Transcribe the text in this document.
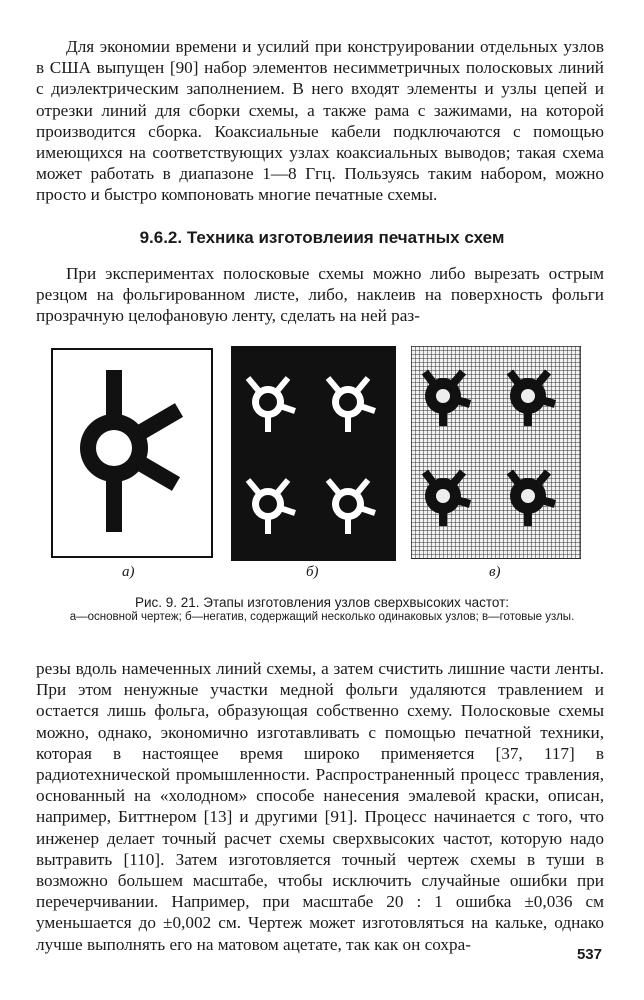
Для экономии времени и усилий при конструировании отдельных узлов в США выпущен [90] набор элементов несимметричных полосковых линий с диэлектрическим заполнением. В него входят элементы и узлы цепей и отрезки линий для сборки схемы, а также рама с зажимами, на которой производится сборка. Коаксиальные кабели подключаются с помощью имеющихся на соответствующих узлах коаксиальных выводов; такая схема может работать в диапазоне 1—8 Ггц. Пользуясь таким набором, можно просто и быстро компоновать многие печатные схемы.

9.6.2. Техника изготовлеиия печатных схем

При экспериментах полосковые схемы можно либо вырезать острым резцом на фольгированном листе, либо, наклеив на поверхность фольги прозрачную целофановую ленту, сделать на ней раз-

а)	б)	в)
Рис. 9. 21. Этапы изготовления узлов сверхвысоких частот:
а—основной чертеж; б—негатив, содержащий несколько одинаковых узлов; в—готовые узлы.

резы вдоль намеченных линий схемы, а затем счистить лишние части ленты. При этом ненужные участки медной фольги удаляются травлением и остается лишь фольга, образующая собственно схему. Полосковые схемы можно, однако, экономично изготавливать с помощью печатной техники, которая в настоящее время широко применяется [37, 117] в радиотехнической промышленности. Распространенный процесс травления, основанный на «холодном» способе нанесения эмалевой краски, описан, например, Биттнером [13] и другими [91]. Процесс начинается с того, что инженер делает точный расчет схемы сверхвысоких частот, которую надо вытравить [110]. Затем изготовляется точный чертеж схемы в туши в возможно большем масштабе, чтобы исключить случайные ошибки при перечерчивании. Например, при масштабе 20 : 1 ошибка ±0,036 см уменьшается до ±0,002 см. Чертеж может изготовляться на кальке, однако лучше выполнять его на матовом ацетате, так как он сохра-

537
